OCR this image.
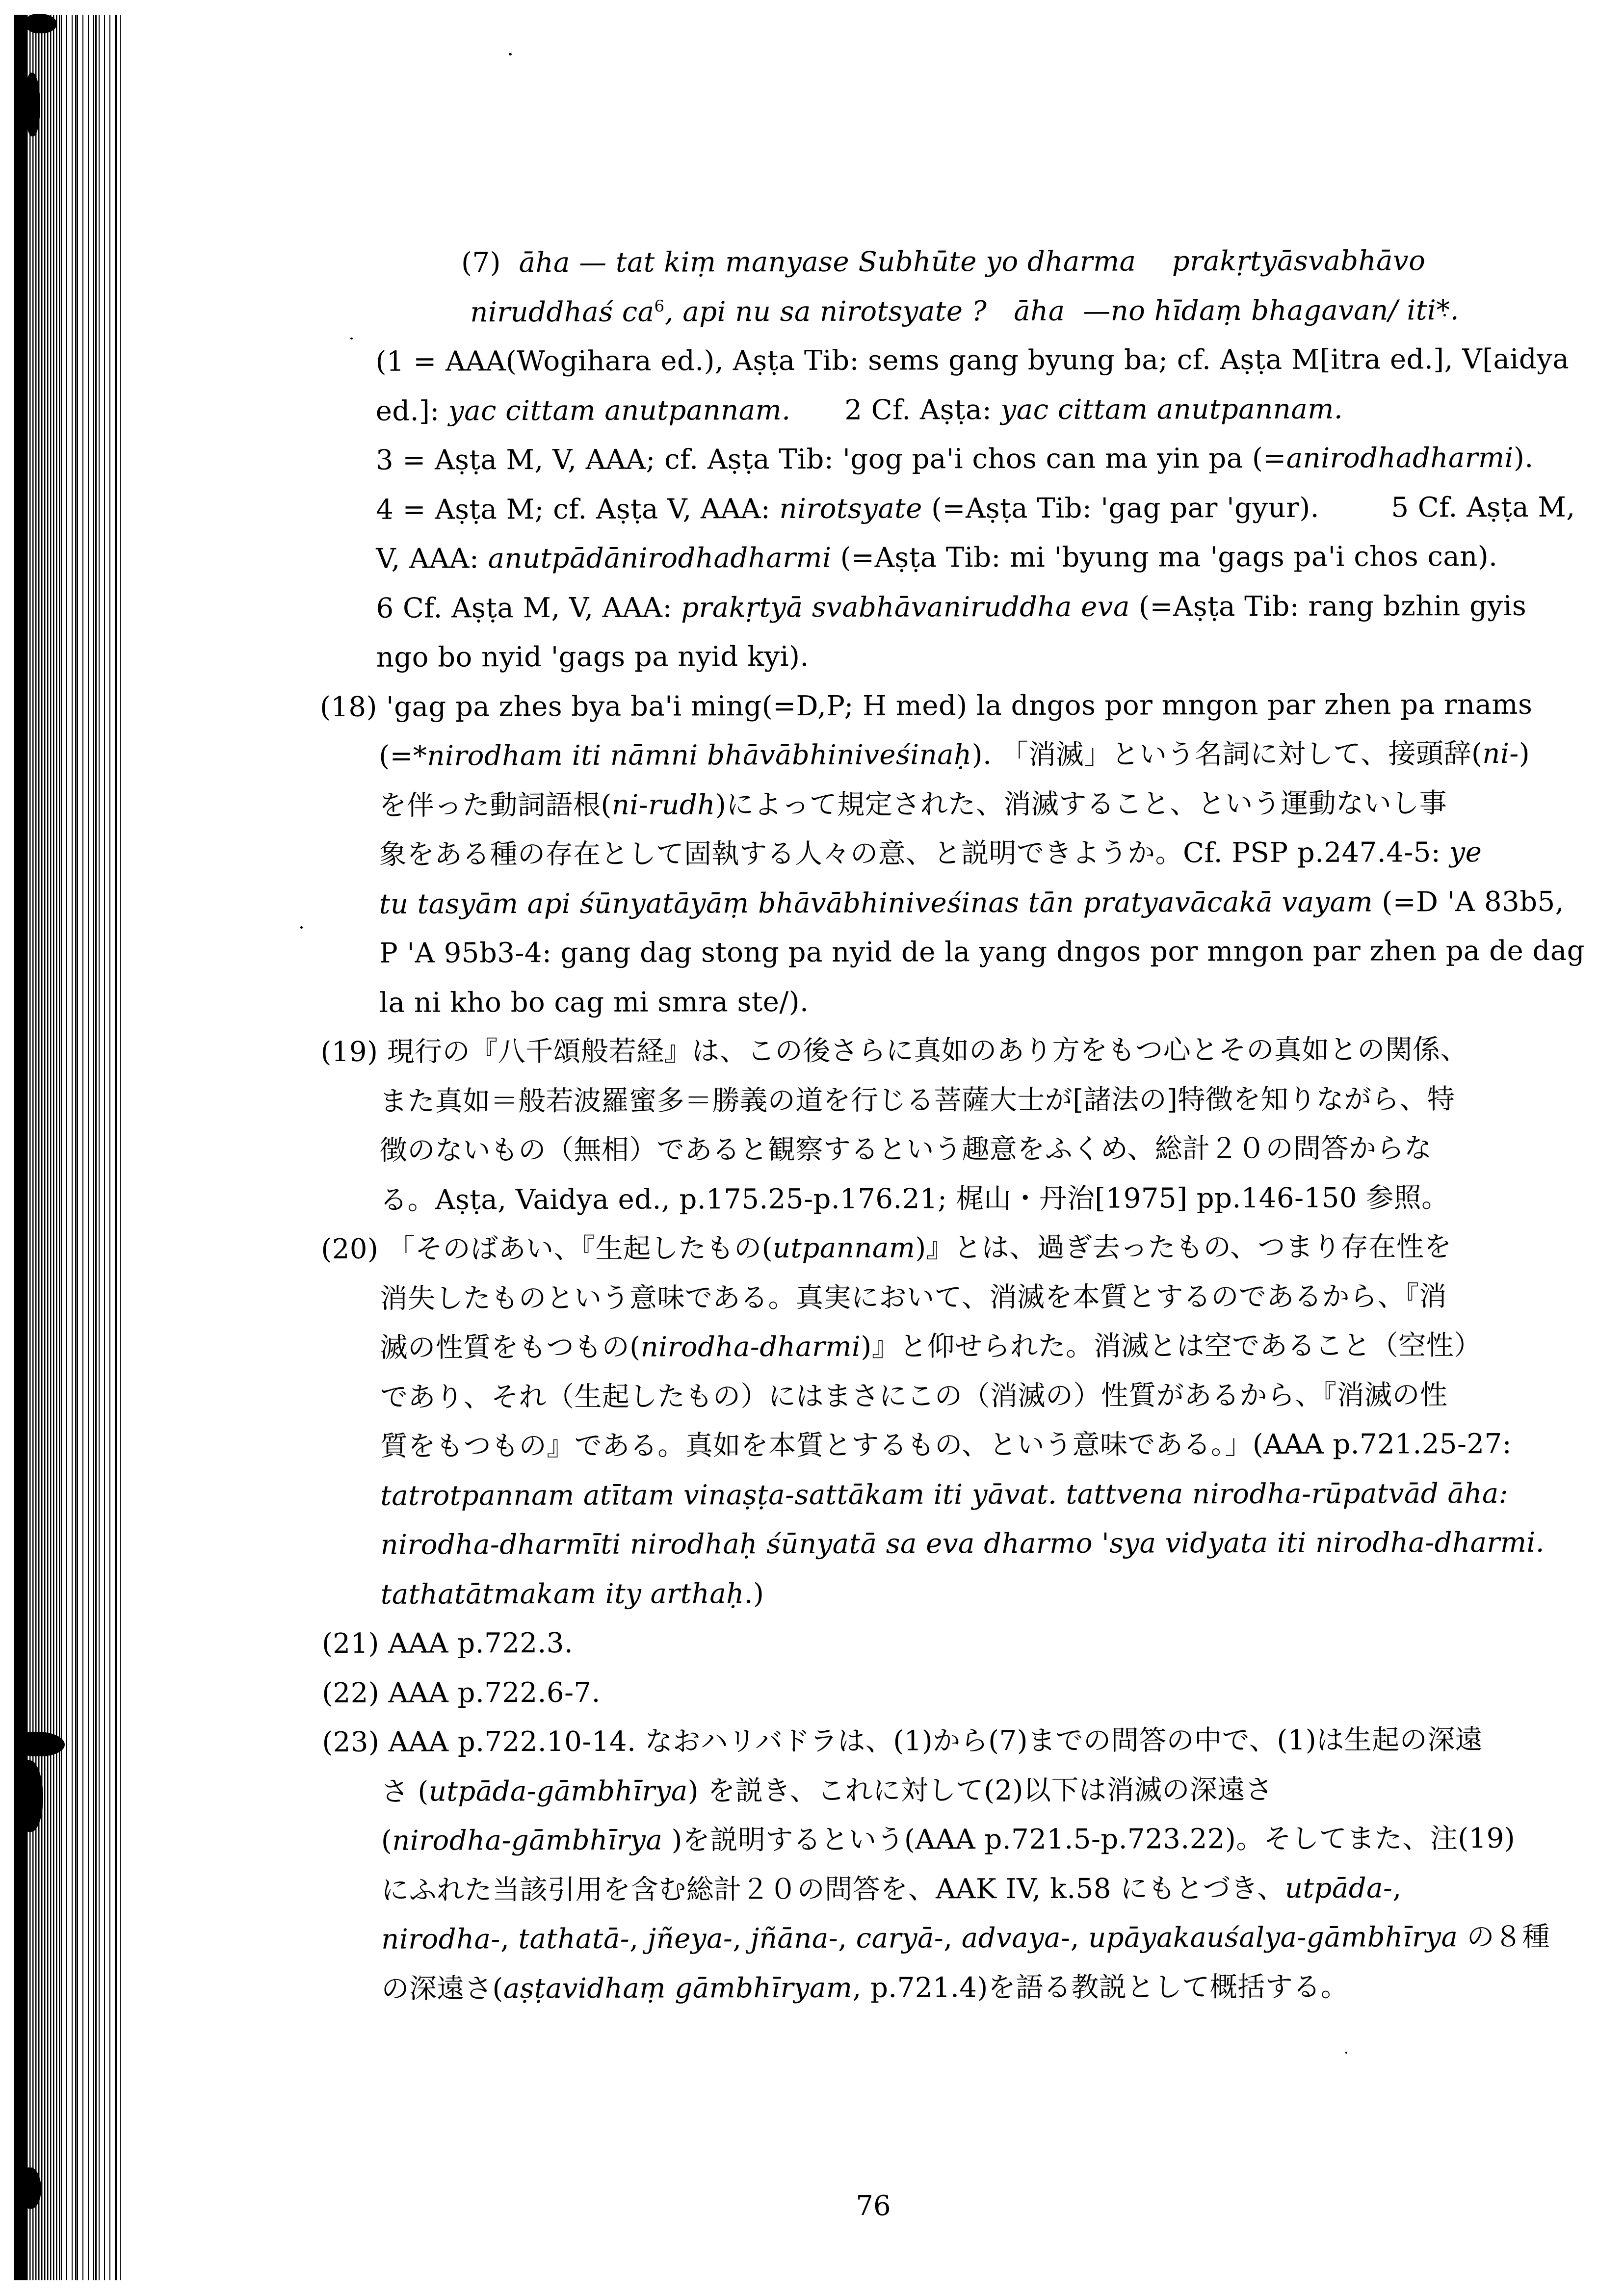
(7)  āha — tat kiṃ manyase Subhūte yo dharma    prakṛtyāsvabhāvo
niruddhaś $ca^6$, api nu sa nirotsyate ?   āha  —no hīdaṃ bhagavan/ iti*.
(1 = AAA(Wogihara ed.), Aṣṭa Tib: sems gang byung ba; cf. Aṣṭa M[itra ed.], V[aidya
ed.]: yac cittam anutpannam.      2 Cf. Aṣṭa: yac cittam anutpannam.
3 = Aṣṭa M, V, AAA; cf. Aṣṭa Tib: 'gog pa'i chos can ma yin pa (=anirodhadharmi).
4 = Aṣṭa M; cf. Aṣṭa V, AAA: nirotsyate (=Aṣṭa Tib: 'gag par 'gyur).        5 Cf. Aṣṭa M,
V, AAA: anutpādānirodhadharmi (=Aṣṭa Tib: mi 'byung ma 'gags pa'i chos can).
6 Cf. Aṣṭa M, V, AAA: prakṛtyā svabhāvaniruddha eva (=Aṣṭa Tib: rang bzhin gyis
ngo bo nyid 'gags pa nyid kyi).
(18) 'gag pa zhes bya ba'i ming(=D,P; H med) la dngos por mngon par zhen pa rnams
(=*nirodham iti nāmni bhāvābhiniveśinaḥ). 「消滅」という名詞に対して、接頭辞(ni-)
を伴った動詞語根(ni-rudh)によって規定された、消滅すること、という運動ないし事
象をある種の存在として固執する人々の意、と説明できようか。Cf. PSP p.247.4-5: ye
tu tasyām api śūnyatāyāṃ bhāvābhiniveśinas tān pratyavācakā vayam (=D 'A 83b5,
P 'A 95b3-4: gang dag stong pa nyid de la yang dngos por mngon par zhen pa de dag
la ni kho bo cag mi smra ste/).
(19) 現行の『八千頌般若経』は、この後さらに真如のあり方をもつ心とその真如との関係、
また真如＝般若波羅蜜多＝勝義の道を行じる菩薩大士が[諸法の]特徴を知りながら、特
徴のないもの（無相）であると観察するという趣意をふくめ、総計２０の問答からな
る。Aṣṭa, Vaidya ed., p.175.25-p.176.21; 梶山・丹治[1975] pp.146-150 参照。
(20) 「そのばあい、『生起したもの(utpannam)』とは、過ぎ去ったもの、つまり存在性を
消失したものという意味である。真実において、消滅を本質とするのであるから、『消
滅の性質をもつもの(nirodha-dharmi)』と仰せられた。消滅とは空であること（空性）
であり、それ（生起したもの）にはまさにこの（消滅の）性質があるから、『消滅の性
質をもつもの』である。真如を本質とするもの、という意味である。」(AAA p.721.25-27:
tatrotpannam atītam vinaṣṭa-sattākam iti yāvat. tattvena nirodha-rūpatvād āha:
nirodha-dharmīti nirodhaḥ śūnyatā sa eva dharmo 'sya vidyata iti nirodha-dharmi.
tathatātmakam ity arthaḥ.)
(21) AAA p.722.3.
(22) AAA p.722.6-7.
(23) AAA p.722.10-14. なおハリバドラは、(1)から(7)までの問答の中で、(1)は生起の深遠
さ (utpāda-gāmbhīrya) を説き、これに対して(2)以下は消滅の深遠さ
(nirodha-gāmbhīrya )を説明するという(AAA p.721.5-p.723.22)。そしてまた、注(19)
にふれた当該引用を含む総計２０の問答を、AAK IV, k.58 にもとづき、utpāda-,
nirodha-, tathatā-, jñeya-, jñāna-, caryā-, advaya-, upāyakauśalya-gāmbhīrya の８種
の深遠さ(aṣṭavidhaṃ gāmbhīryam, p.721.4)を語る教説として概括する。
76
